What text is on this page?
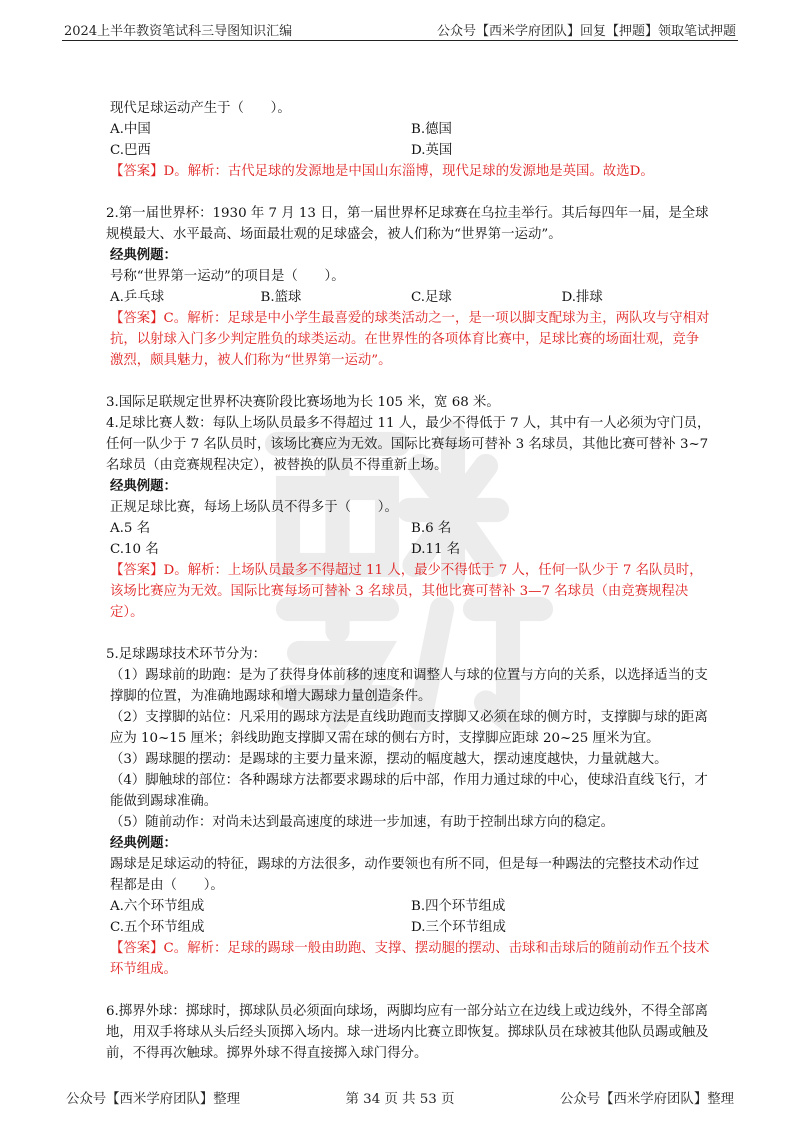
2024上半年教资笔试科三导图知识汇编	公众号【西米学府团队】回复【押题】领取笔试押题

现代足球运动产生于（　　）。

A.中国	B.德国
C.巴西	D.英国

【答案】D。解析：古代足球的发源地是中国山东淄博，现代足球的发源地是英国。故选D。

2.第一届世界杯：1930 年 7 月 13 日，第一届世界杯足球赛在乌拉圭举行。其后每四年一届，是全球规模最大、水平最高、场面最壮观的足球盛会，被人们称为“世界第一运动”。

经典例题：

号称“世界第一运动”的项目是（　　）。

A.乒乓球	B.篮球	C.足球	D.排球

【答案】C。解析：足球是中小学生最喜爱的球类活动之一，是一项以脚支配球为主，两队攻与守相对抗，以射球入门多少判定胜负的球类运动。在世界性的各项体育比赛中，足球比赛的场面壮观，竞争激烈，颇具魅力，被人们称为“世界第一运动”。

3.国际足联规定世界杯决赛阶段比赛场地为长 105 米，宽 68 米。

4.足球比赛人数：每队上场队员最多不得超过 11 人，最少不得低于 7 人，其中有一人必须为守门员，任何一队少于 7 名队员时，该场比赛应为无效。国际比赛每场可替补 3 名球员，其他比赛可替补 3~7 名球员（由竞赛规程决定），被替换的队员不得重新上场。

经典例题：

正规足球比赛，每场上场队员不得多于（　　）。

A.5 名	B.6 名
C.10 名	D.11 名

【答案】D。解析：上场队员最多不得超过 11 人，最少不得低于 7 人，任何一队少于 7 名队员时，该场比赛应为无效。国际比赛每场可替补 3 名球员，其他比赛可替补 3—7 名球员（由竞赛规程决定）。

5.足球踢球技术环节分为：

（1）踢球前的助跑：是为了获得身体前移的速度和调整人与球的位置与方向的关系，以选择适当的支撑脚的位置，为准确地踢球和增大踢球力量创造条件。

（2）支撑脚的站位：凡采用的踢球方法是直线助跑而支撑脚又必须在球的侧方时，支撑脚与球的距离应为 10~15 厘米；斜线助跑支撑脚又需在球的侧右方时，支撑脚应距球 20~25 厘米为宜。

（3）踢球腿的摆动：是踢球的主要力量来源，摆动的幅度越大，摆动速度越快，力量就越大。

（4）脚触球的部位：各种踢球方法都要求踢球的后中部，作用力通过球的中心，使球沿直线飞行，才能做到踢球准确。

（5）随前动作：对尚未达到最高速度的球进一步加速，有助于控制出球方向的稳定。

经典例题：

踢球是足球运动的特征，踢球的方法很多，动作要领也有所不同，但是每一种踢法的完整技术动作过程都是由（　　）。

A.六个环节组成	B.四个环节组成
C.五个环节组成	D.三个环节组成

【答案】C。解析：足球的踢球一般由助跑、支撑、摆动腿的摆动、击球和击球后的随前动作五个技术环节组成。

6.掷界外球：掷球时，掷球队员必须面向球场，两脚均应有一部分站立在边线上或边线外，不得全部离地，用双手将球从头后经头顶掷入场内。球一进场内比赛立即恢复。掷球队员在球被其他队员踢或触及前，不得再次触球。掷界外球不得直接掷入球门得分。

公众号【西米学府团队】整理	第 34 页 共 53 页	公众号【西米学府团队】整理
